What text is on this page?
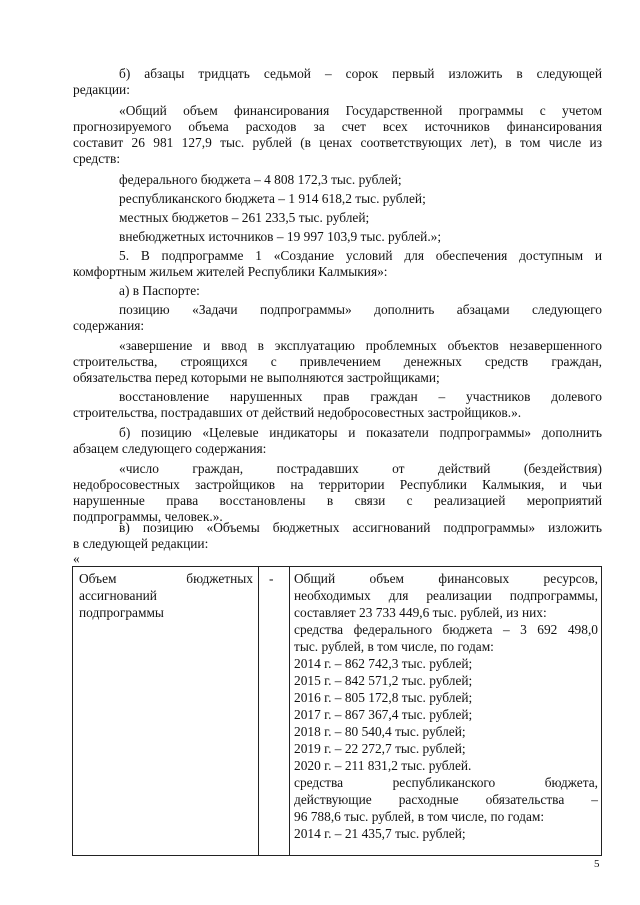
б) абзацы тридцать седьмой – сорок первый изложить в следующей
редакции:
«Общий объем финансирования Государственной программы с учетом
прогнозируемого объема расходов за счет всех источников финансирования
составит 26 981 127,9 тыс. рублей (в ценах соответствующих лет), в том числе из
средств:
федерального бюджета – 4 808 172,3 тыс. рублей;
республиканского бюджета – 1 914 618,2 тыс. рублей;
местных бюджетов – 261 233,5 тыс. рублей;
внебюджетных источников – 19 997 103,9 тыс. рублей.»;
5. В подпрограмме 1 «Создание условий для обеспечения доступным и
комфортным жильем жителей Республики Калмыкия»:
а) в Паспорте:
позицию «Задачи подпрограммы» дополнить абзацами следующего
содержания:
«завершение и ввод в эксплуатацию проблемных объектов незавершенного
строительства, строящихся с привлечением денежных средств граждан,
обязательства перед которыми не выполняются застройщиками;
восстановление нарушенных прав граждан – участников долевого
строительства, пострадавших от действий недобросовестных застройщиков.».
б) позицию «Целевые индикаторы и показатели подпрограммы» дополнить
абзацем следующего содержания:
«число граждан, пострадавших от действий (бездействия)
недобросовестных застройщиков на территории Республики Калмыкия, и чьи
нарушенные права восстановлены в связи с реализацией мероприятий
подпрограммы, человек.».
в) позицию «Объемы бюджетных ассигнований подпрограммы» изложить
в следующей редакции:
«
Объем бюджетных
ассигнований
подпрограммы
-	Общий объем финансовых ресурсов,
необходимых для реализации подпрограммы,
составляет 23 733 449,6 тыс. рублей, из них:
средства федерального бюджета – 3 692 498,0
тыс. рублей, в том числе, по годам:
2014 г. – 862 742,3 тыс. рублей;
2015 г. – 842 571,2 тыс. рублей;
2016 г. – 805 172,8 тыс. рублей;
2017 г. – 867 367,4 тыс. рублей;
2018 г. – 80 540,4 тыс. рублей;
2019 г. – 22 272,7 тыс. рублей;
2020 г. – 211 831,2 тыс. рублей.
средства республиканского бюджета,
действующие расходные обязательства –
96 788,6 тыс. рублей, в том числе, по годам:
2014 г. – 21 435,7 тыс. рублей;
5
